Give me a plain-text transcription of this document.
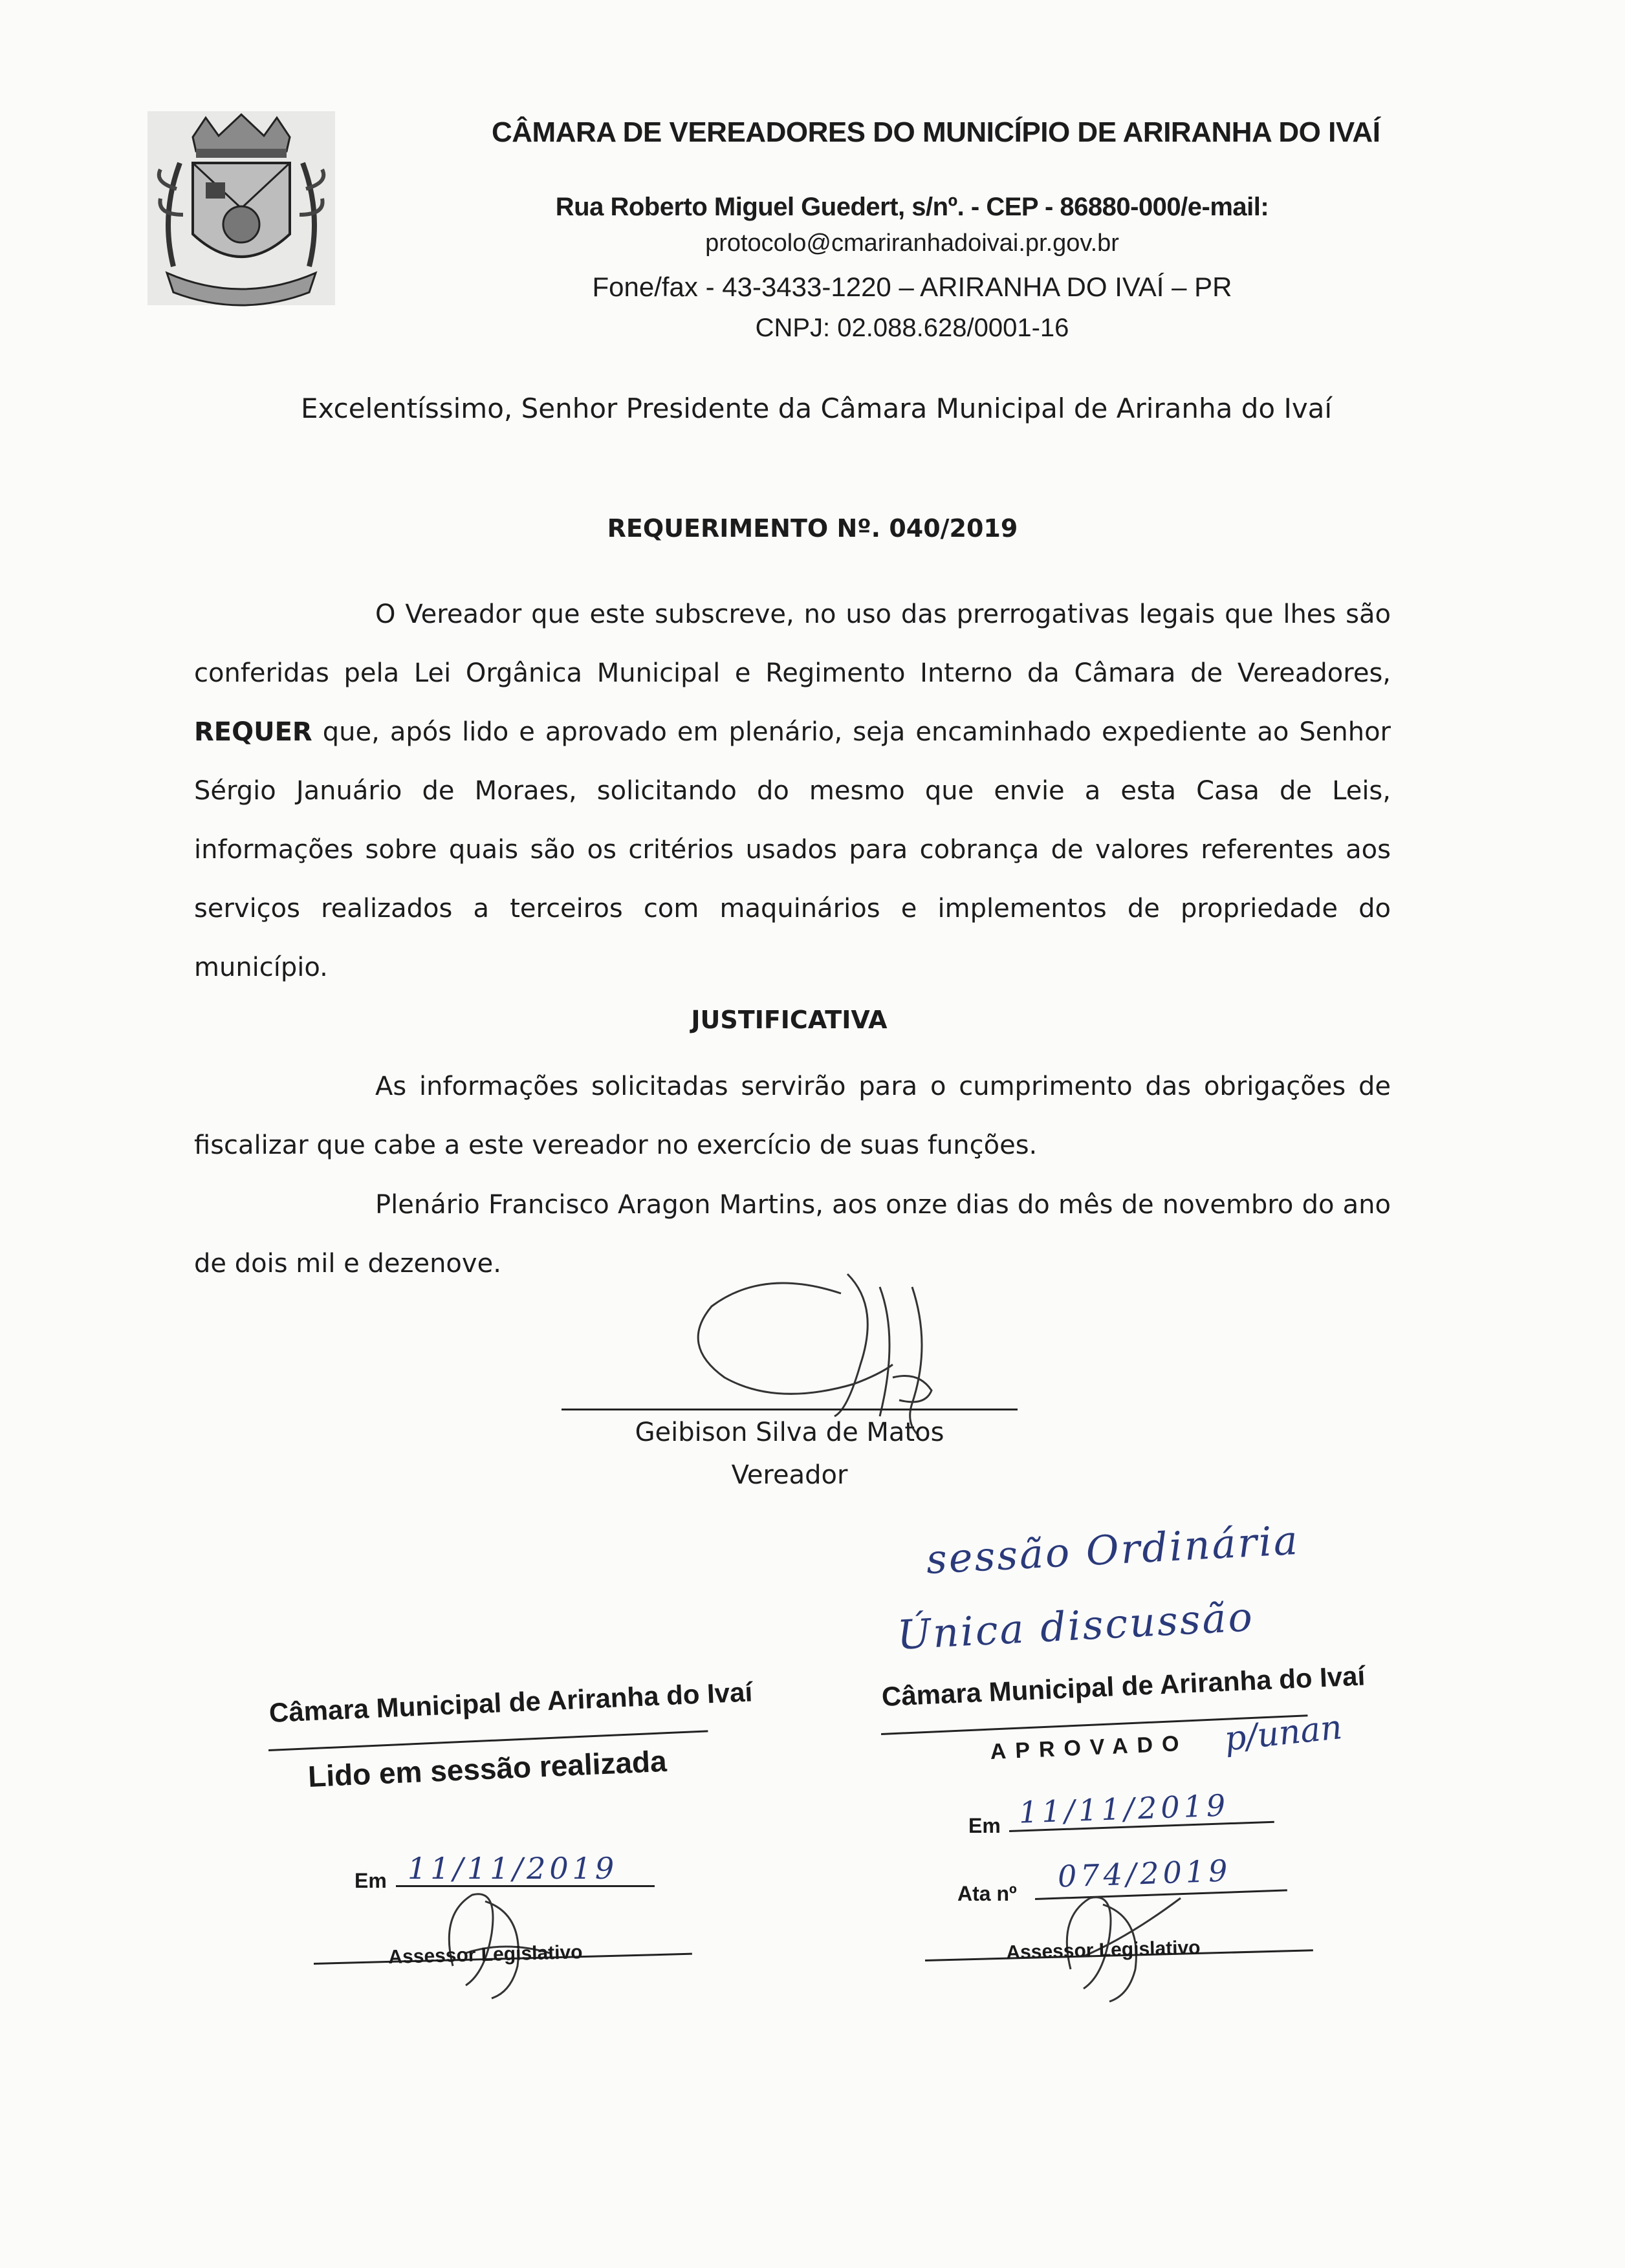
CÂMARA DE VEREADORES DO MUNICÍPIO DE ARIRANHA DO IVAÍ
Rua Roberto Miguel Guedert, s/nº. - CEP - 86880-000/e-mail:
protocolo@cmariranhadoivai.pr.gov.br
Fone/fax - 43-3433-1220 – ARIRANHA DO IVAÍ – PR
CNPJ: 02.088.628/0001-16
Excelentíssimo, Senhor Presidente da Câmara Municipal de Ariranha do Ivaí
REQUERIMENTO Nº. 040/2019
O Vereador que este subscreve, no uso das prerrogativas legais que lhes são conferidas pela Lei Orgânica Municipal e Regimento Interno da Câmara de Vereadores, REQUER que, após lido e aprovado em plenário, seja encaminhado expediente ao Senhor Sérgio Januário de Moraes, solicitando do mesmo que envie a esta Casa de Leis, informações sobre quais são os critérios usados para cobrança de valores referentes aos serviços realizados a terceiros com maquinários e implementos de propriedade do município.
JUSTIFICATIVA
As informações solicitadas servirão para o cumprimento das obrigações de fiscalizar que cabe a este vereador no exercício de suas funções.
Plenário Francisco Aragon Martins, aos onze dias do mês de novembro do ano de dois mil e dezenove.
Geibison Silva de Matos
Vereador
sessão Ordinária
Única discussão
p/unan
Câmara Municipal de Ariranha do Ivaí
Lido em sessão realizada
Em 11/11/2019
Assessor Legislativo
Câmara Municipal de Ariranha do Ivaí
APROVADO
Em 11/11/2019
Ata nº 074/2019
Assessor Legislativo
